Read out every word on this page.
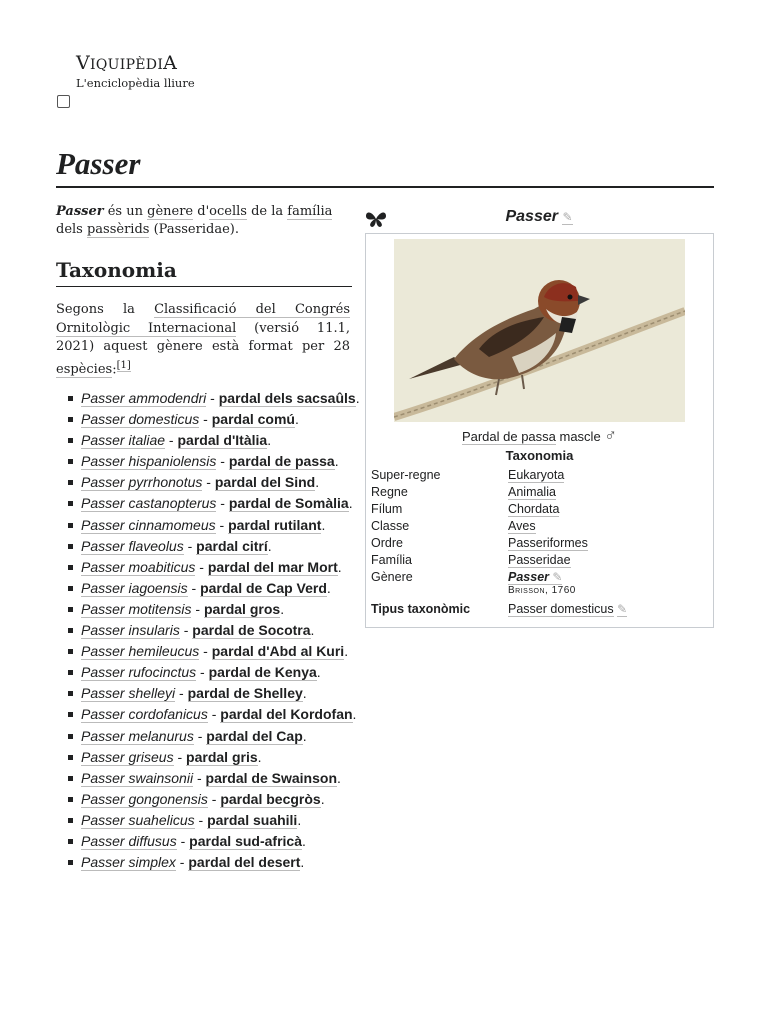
VIQUIPÈDIA
L'enciclopèdia lliure
Passer
Passer és un gènere d'ocells de la família dels passèrids (Passeridae).
Taxonomia
Segons la Classificació del Congrés Ornitològic Internacional (versió 11.1, 2021) aquest gènere està format per 28 espècies:[1]
Passer ammodendri - pardal dels sacsaûls.
Passer domesticus - pardal comú.
Passer italiae - pardal d'Itàlia.
Passer hispaniolensis - pardal de passa.
Passer pyrrhonotus - pardal del Sind.
Passer castanopterus - pardal de Somàlia.
Passer cinnamomeus - pardal rutilant.
Passer flaveolus - pardal citrí.
Passer moabiticus - pardal del mar Mort.
Passer iagoensis - pardal de Cap Verd.
Passer motitensis - pardal gros.
Passer insularis - pardal de Socotra.
Passer hemileucus - pardal d'Abd al Kuri.
Passer rufocinctus - pardal de Kenya.
Passer shelleyi - pardal de Shelley.
Passer cordofanicus - pardal del Kordofan.
Passer melanurus - pardal del Cap.
Passer griseus - pardal gris.
Passer swainsonii - pardal de Swainson.
Passer gongonensis - pardal becgròs.
Passer suahelicus - pardal suahili.
Passer diffusus - pardal sud-africà.
Passer simplex - pardal del desert.
Passer ✎
Pardal de passa mascle ♂
Taxonomia
Super-regne	Eukaryota
Regne	Animalia
Fílum	Chordata
Classe	Aves
Ordre	Passeriformes
Família	Passeridae
Gènere	Passer ✎
Brisson, 1760
Tipus taxonòmic	Passer domesticus ✎
